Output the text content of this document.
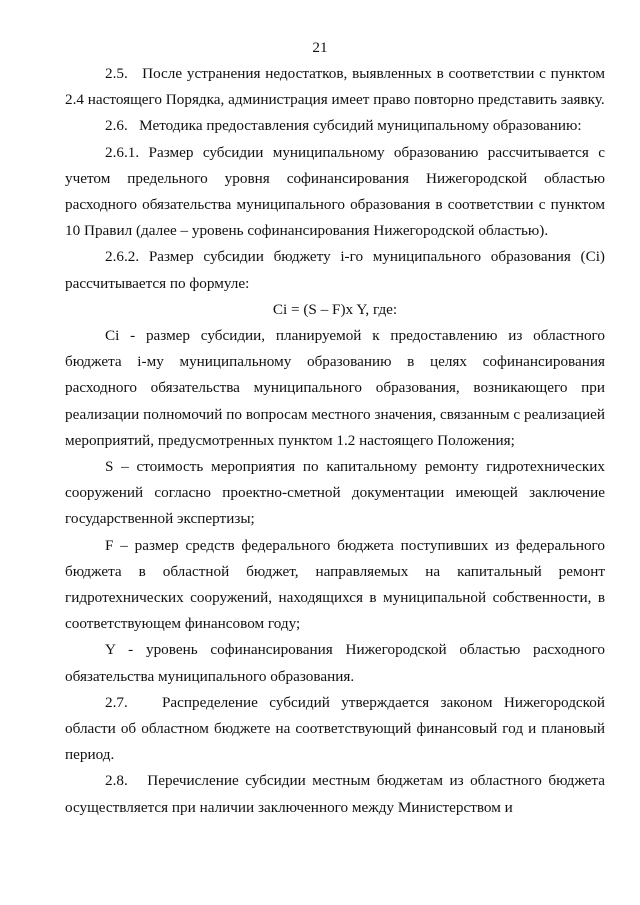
21

2.5.   После устранения недостатков, выявленных в соответствии с пунктом 2.4 настоящего Порядка, администрация имеет право повторно представить заявку.

2.6.   Методика предоставления субсидий муниципальному образованию:

2.6.1. Размер субсидии муниципальному образованию рассчитывается с учетом предельного уровня софинансирования Нижегородской областью расходного обязательства муниципального образования в соответствии с пунктом 10 Правил (далее – уровень софинансирования Нижегородской областью).

2.6.2. Размер субсидии бюджету i-го муниципального образования (Ci) рассчитывается по формуле:

Ci = (S – F)x Y, где:

Ci - размер субсидии, планируемой к предоставлению из областного бюджета i-му муниципальному образованию в целях софинансирования расходного обязательства муниципального образования, возникающего при реализации полномочий по вопросам местного значения, связанным с реализацией мероприятий, предусмотренных пунктом 1.2 настоящего Положения;

S – стоимость мероприятия по капитальному ремонту гидротехнических сооружений согласно проектно-сметной документации имеющей заключение государственной экспертизы;

F – размер средств федерального бюджета поступивших из федерального бюджета в областной бюджет, направляемых на капитальный ремонт гидротехнических сооружений, находящихся в муниципальной собственности, в соответствующем финансовом году;

Y - уровень софинансирования Нижегородской областью расходного обязательства муниципального образования.

2.7.   Распределение субсидий утверждается законом Нижегородской области об областном бюджете на соответствующий финансовый год и плановый период.

2.8.   Перечисление субсидии местным бюджетам из областного бюджета осуществляется при наличии заключенного между Министерством и
